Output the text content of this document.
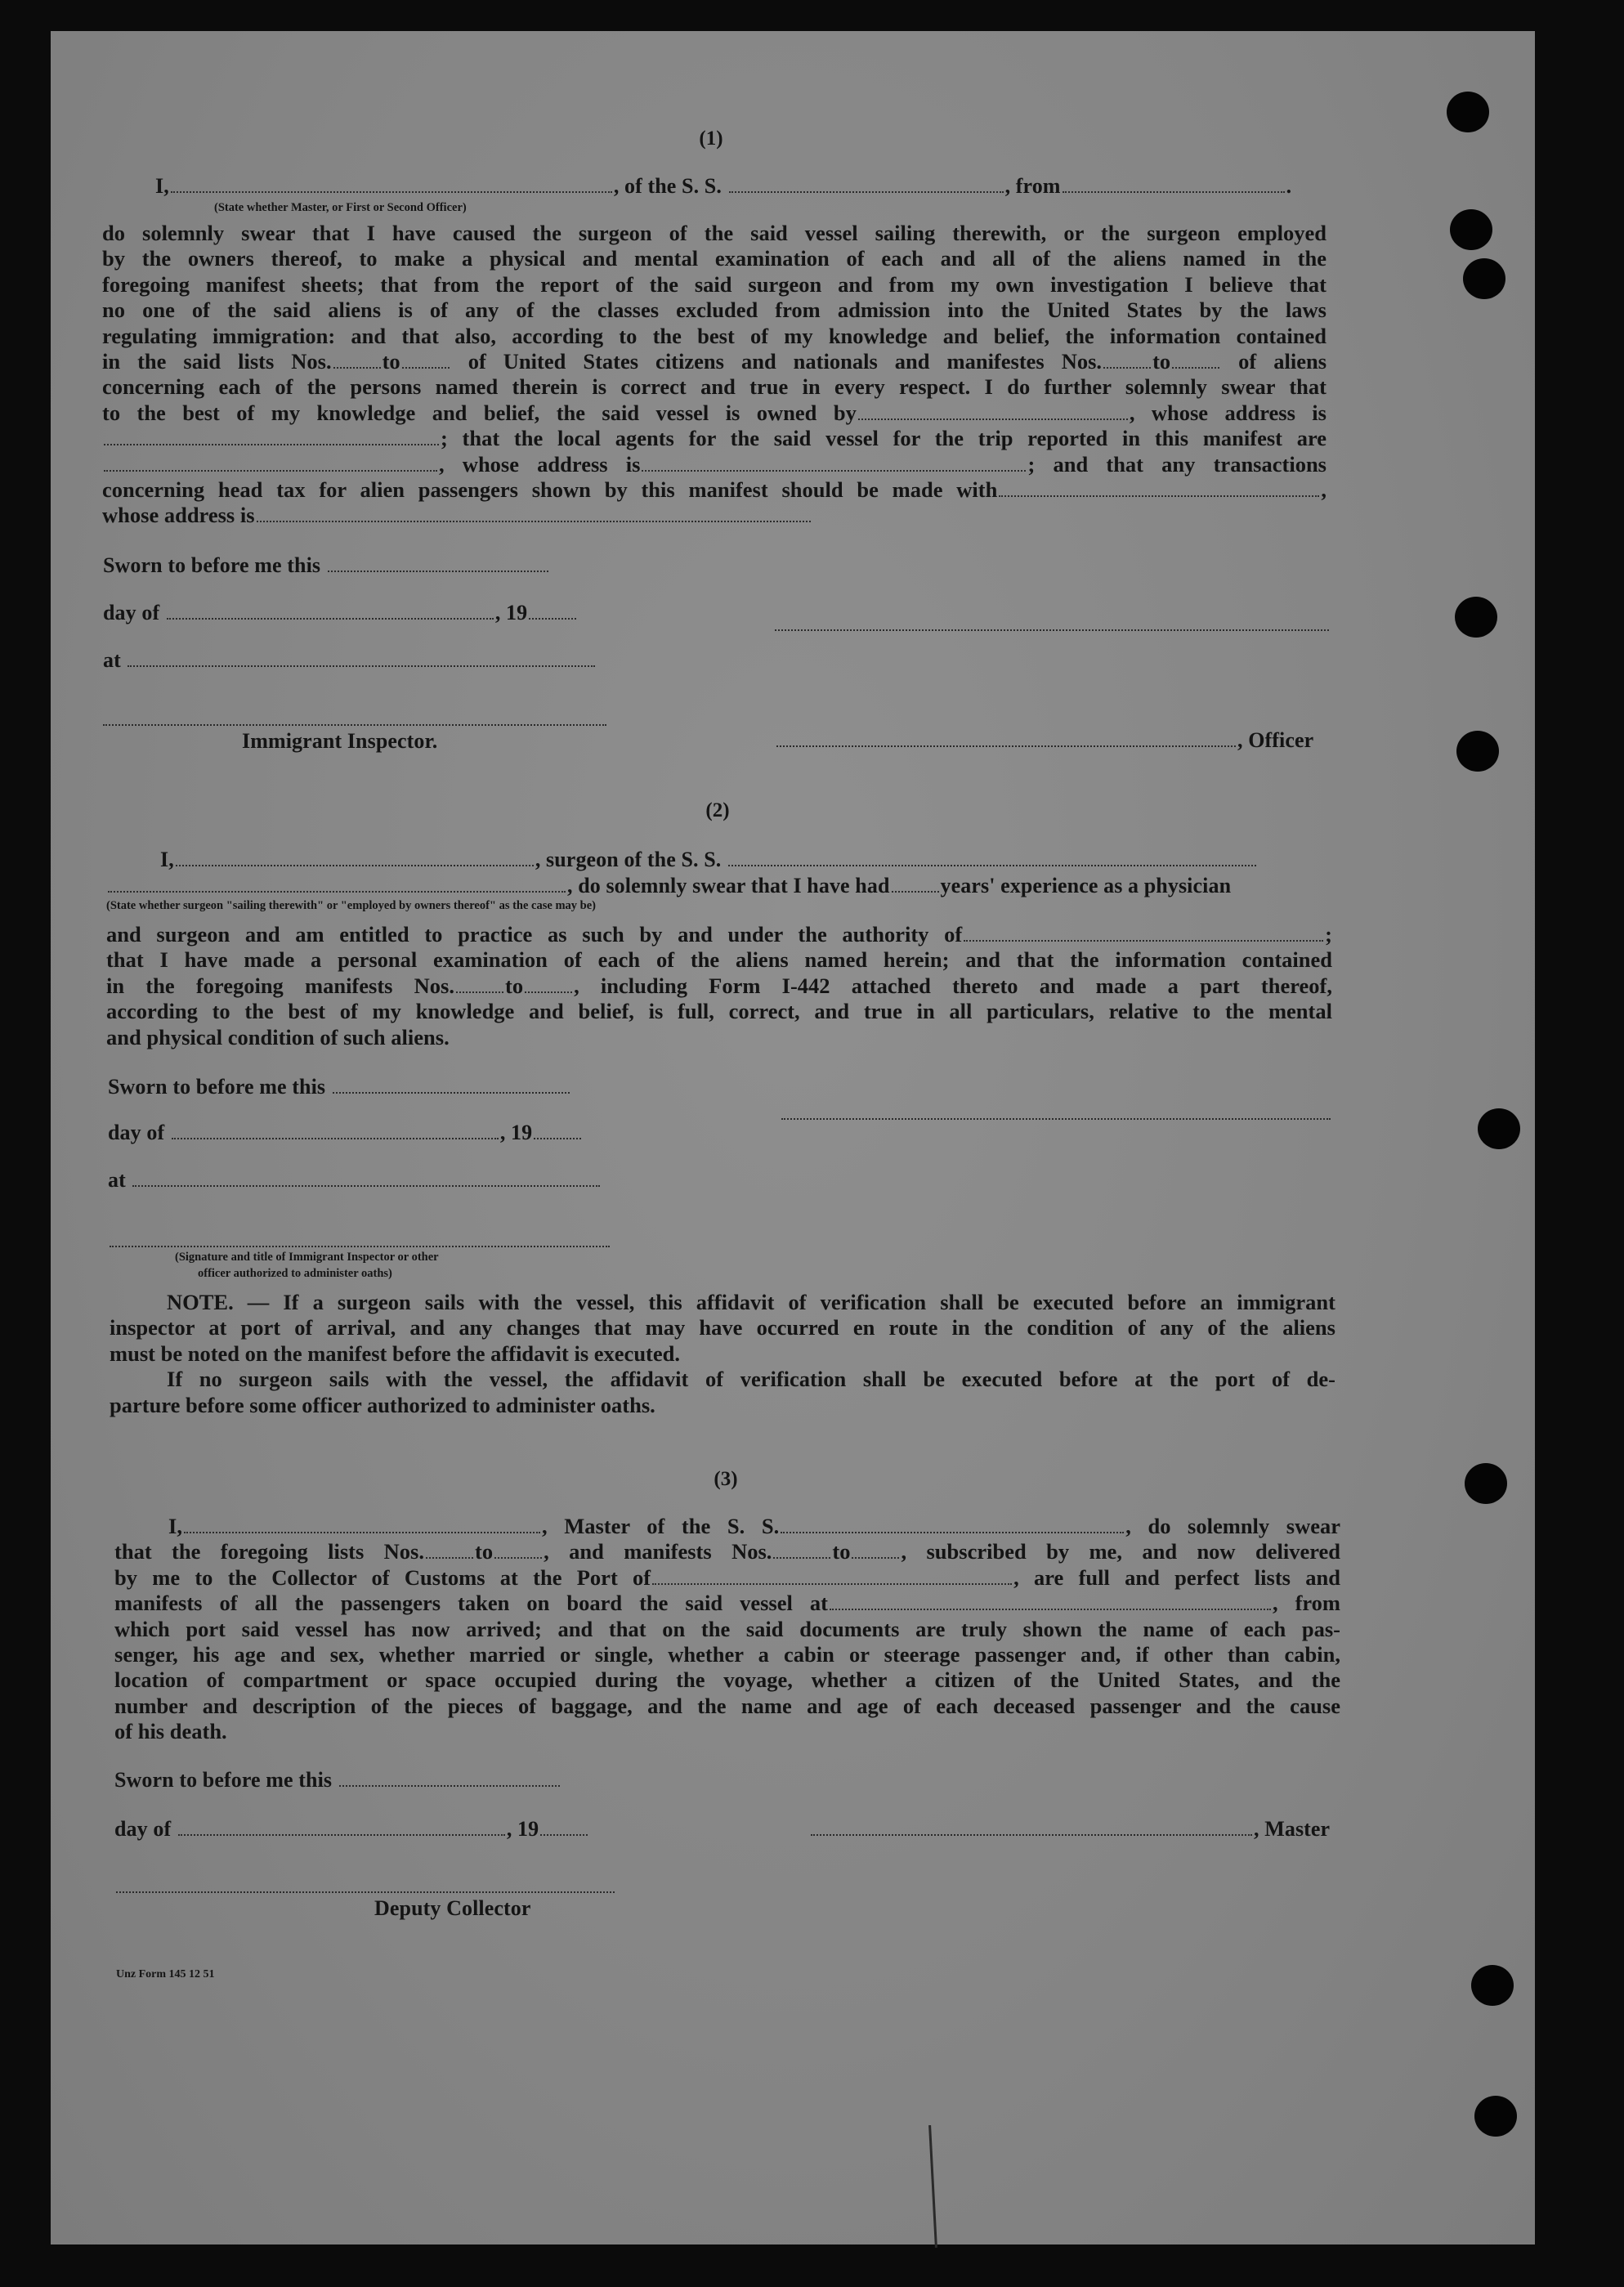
(1)
I,	, of the S. S.	, from	.
(State whether Master, or First or Second Officer)
do solemnly swear that I have caused the surgeon of the said vessel sailing therewith, or the surgeon employed
by the owners thereof, to make a physical and mental examination of each and all of the aliens named in the
foregoing manifest sheets; that from the report of the said surgeon and from my own investigation I believe that
no one of the said aliens is of any of the classes excluded from admission into the United States by the laws
regulating immigration: and that also, according to the best of my knowledge and belief, the information contained
in the said lists Nos. to	of United States citizens and nationals and manifestes Nos. to	of aliens
concerning each of the persons named therein is correct and true in every respect. I do further solemnly swear that
to the best of my knowledge and belief, the said vessel is owned by	, whose address is
; that the local agents for the said vessel for the trip reported in this manifest are
, whose address is	; and that any transactions
concerning head tax for alien passengers shown by this manifest should be made with	,
whose address is
Sworn to before me this
day of	, 19
at
Immigrant Inspector.	, Officer
(2)
I,	, surgeon of the S. S.
, do solemnly swear that I have had years' experience as a physician
(State whether surgeon "sailing therewith" or "employed by owners thereof" as the case may be)
and surgeon and am entitled to practice as such by and under the authority of	;
that I have made a personal examination of each of the aliens named herein; and that the information contained
in the foregoing manifests Nos. to , including Form I-442 attached thereto and made a part thereof,
according to the best of my knowledge and belief, is full, correct, and true in all particulars, relative to the mental
and physical condition of such aliens.
Sworn to before me this
day of	, 19
at
(Signature and title of Immigrant Inspector or other
officer authorized to administer oaths)
NOTE. — If a surgeon sails with the vessel, this affidavit of verification shall be executed before an immigrant
inspector at port of arrival, and any changes that may have occurred en route in the condition of any of the aliens
must be noted on the manifest before the affidavit is executed.
If no surgeon sails with the vessel, the affidavit of verification shall be executed before at the port of de-
parture before some officer authorized to administer oaths.
(3)
I,	, Master of the S. S.	, do solemnly swear
that the foregoing lists Nos. to , and manifests Nos.	to , subscribed by me, and now delivered
by me to the Collector of Customs at the Port of	, are full and perfect lists and
manifests of all the passengers taken on board the said vessel at	, from
which port said vessel has now arrived; and that on the said documents are truly shown the name of each pas-
senger, his age and sex, whether married or single, whether a cabin or steerage passenger and, if other than cabin,
location of compartment or space occupied during the voyage, whether a citizen of the United States, and the
number and description of the pieces of baggage, and the name and age of each deceased passenger and the cause
of his death.
Sworn to before me this
day of	, 19	, Master
Deputy Collector
Unz Form 145 12 51
